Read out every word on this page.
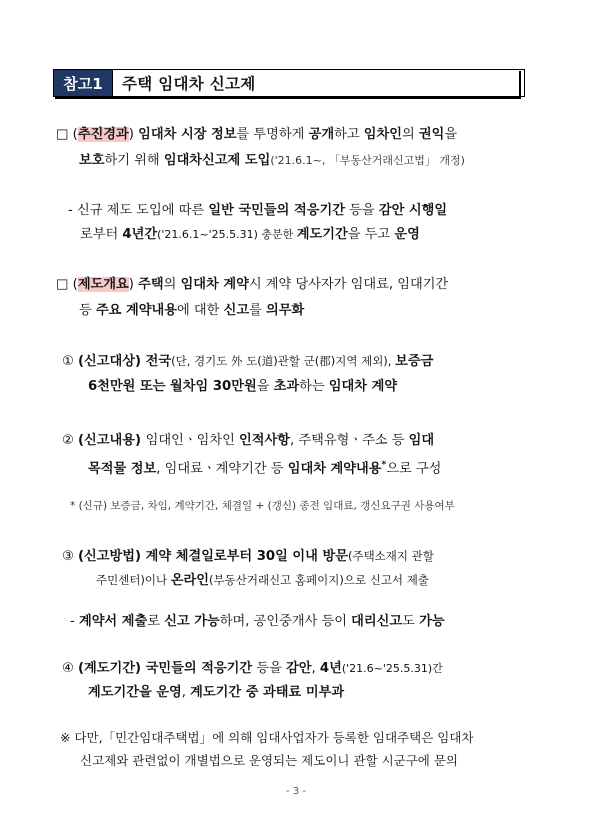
참고1	주택 임대차 신고제
□ (추진경과) 임대차 시장 정보를 투명하게 공개하고 임차인의 권익을
보호하기 위해 임대차신고제 도입('21.6.1~, 「부동산거래신고법」 개정)
- 신규 제도 도입에 따른 일반 국민들의 적응기간 등을 감안 시행일
로부터 4년간('21.6.1~'25.5.31) 충분한 계도기간을 두고 운영
□ (제도개요) 주택의 임대차 계약시 계약 당사자가 임대료, 임대기간
등 주요 계약내용에 대한 신고를 의무화
① (신고대상) 전국(단, 경기도 外 도(道)관할 군(郡)지역 제외), 보증금
6천만원 또는 월차임 30만원을 초과하는 임대차 계약
② (신고내용) 임대인ㆍ임차인 인적사항, 주택유형ㆍ주소 등 임대
목적물 정보, 임대료ㆍ계약기간 등 임대차 계약내용*으로 구성
* (신규) 보증금, 차임, 계약기간, 체결일 + (갱신) 종전 임대료, 갱신요구권 사용여부
③ (신고방법) 계약 체결일로부터 30일 이내 방문(주택소재지 관할
주민센터)이나 온라인(부동산거래신고 홈페이지)으로 신고서 제출
- 계약서 제출로 신고 가능하며, 공인중개사 등이 대리신고도 가능
④ (계도기간) 국민들의 적응기간 등을 감안, 4년('21.6~'25.5.31)간
계도기간을 운영, 계도기간 중 과태료 미부과
※ 다만,「민간임대주택법」에 의해 임대사업자가 등록한 임대주택은 임대차
신고제와 관련없이 개별법으로 운영되는 제도이니 관할 시군구에 문의
- 3 -
